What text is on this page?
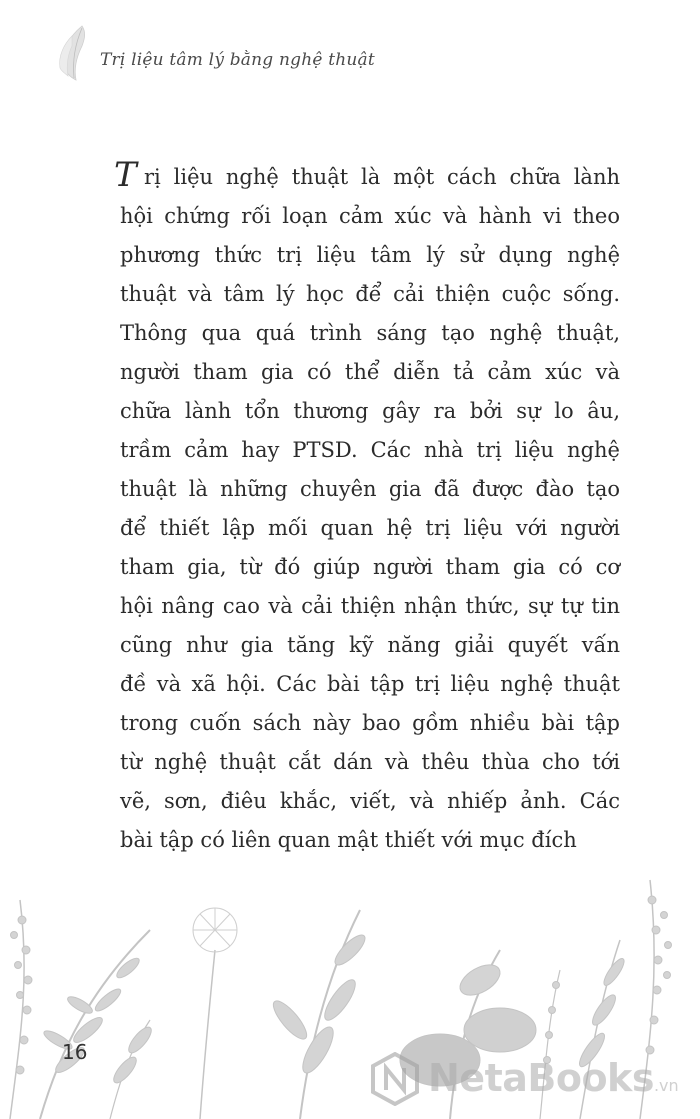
Trị liệu tâm lý bằng nghệ thuật
T rị liệu nghệ thuật là một cách chữa lành
hội chứng rối loạn cảm xúc và hành vi theo
phương thức trị liệu tâm lý sử dụng nghệ
thuật và tâm lý học để cải thiện cuộc sống.
Thông qua quá trình sáng tạo nghệ thuật,
người tham gia có thể diễn tả cảm xúc và
chữa lành tổn thương gây ra bởi sự lo âu,
trầm cảm hay PTSD. Các nhà trị liệu nghệ
thuật là những chuyên gia đã được đào tạo
để thiết lập mối quan hệ trị liệu với người
tham gia, từ đó giúp người tham gia có cơ
hội nâng cao và cải thiện nhận thức, sự tự tin
cũng như gia tăng kỹ năng giải quyết vấn
đề và xã hội. Các bài tập trị liệu nghệ thuật
trong cuốn sách này bao gồm nhiều bài tập
từ nghệ thuật cắt dán và thêu thùa cho tới
vẽ, sơn, điêu khắc, viết, và nhiếp ảnh. Các
bài tập có liên quan mật thiết với mục đích
16
NetaBooks.vn
